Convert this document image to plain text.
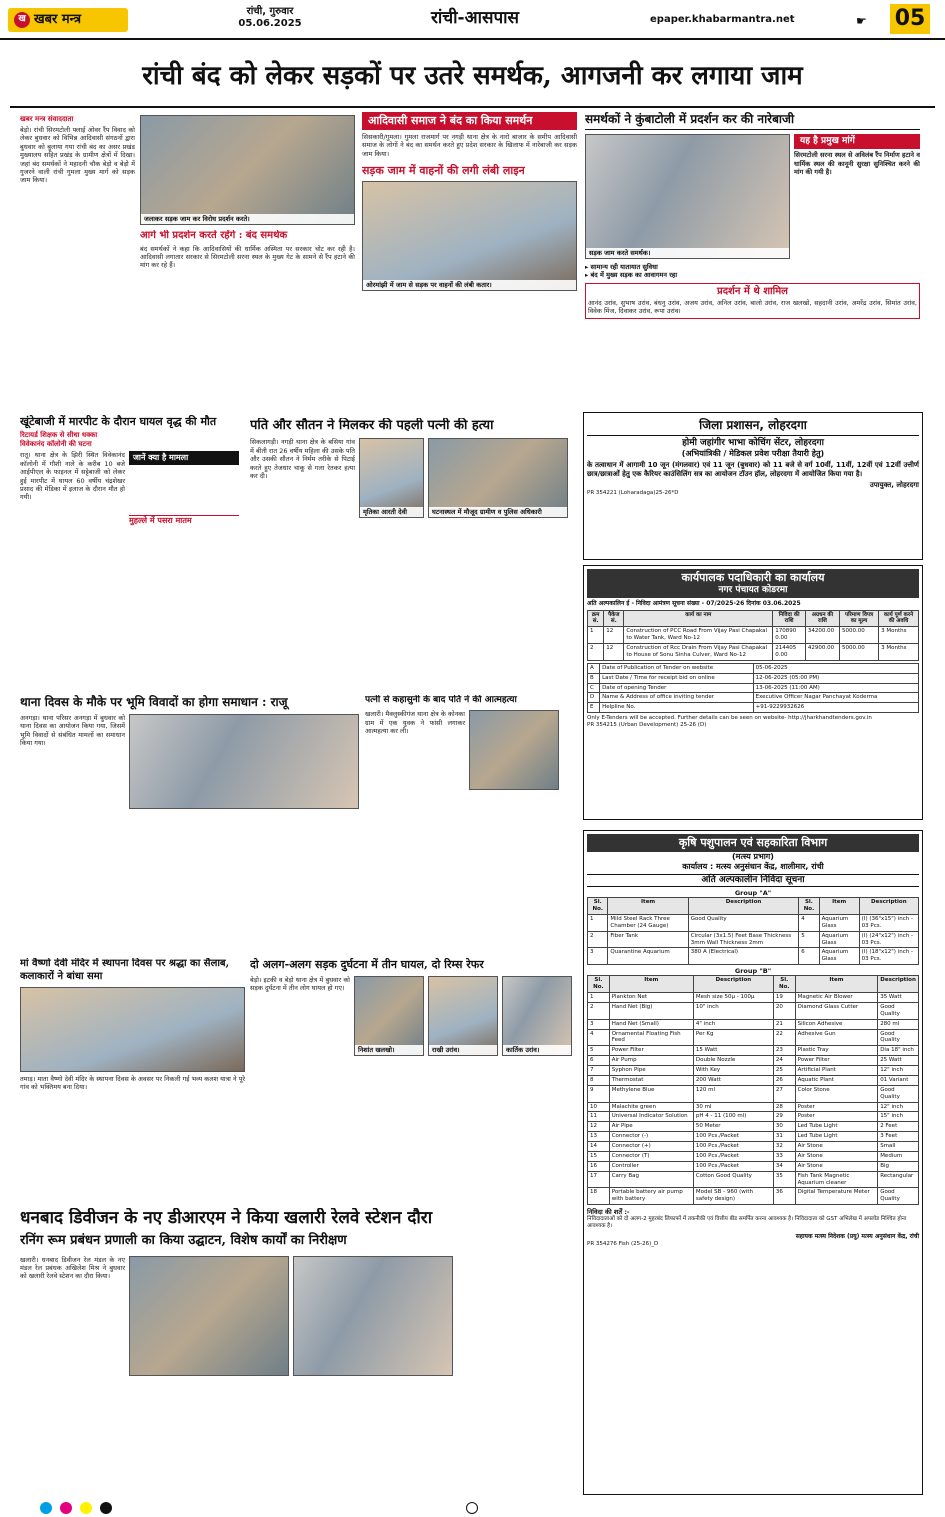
ख खबर मन्त्र
रांची, गुरुवार
05.06.2025	रांची-आसपास	epaper.khabarmantra.net	☛ 05
रांची बंद को लेकर सड़कों पर उतरे समर्थक, आगजनी कर लगाया जाम
खबर मन्त्र संवाददाता
बेड़ो। रांची सिरमटोली फ्लाई ओवर रैंप विवाद को लेकर बुधवार को विभिन्न आदिवासी संगठनों द्वारा बुधवार को बुलाया गया रांची बंद का असर प्रखंड मुख्यालय सहित प्रखंड के ग्रामीण क्षेत्रों में दिखा। जहां बंद समर्थकों ने महादनी चौक बेड़ो व बेड़ो में गुजरने वाली रांची गुमला मुख्य मार्ग को सड़क जाम किया।
जलाकर सड़क जाम कर विरोध प्रदर्शन करते।
आगे भी प्रदर्शन करते रहेंगे : बंद समर्थक
बंद समर्थकों ने कहा कि आदिवासियों की धार्मिक अस्मिता पर सरकार चोट कर रही है। आदिवासी लगातार सरकार से सिरमटोली सरना स्थल के मुख्य गेट के सामने से रैंप हटाने की मांग कर रहे हैं।
आदिवासी समाज ने बंद का किया समर्थन
सिसकारी/गुमला। गुमला राजमार्ग पर नगड़ी थाना क्षेत्र के नारो बाजार के समीप आदिवासी समाज के लोगों ने बंद का समर्थन करते हुए प्रदेश सरकार के खिलाफ में नारेबाजी कर सड़क जाम किया।
सड़क जाम में वाहनों की लगी लंबी लाइन
ओरमांझी में जाम से सड़क पर वाहनों की लंबी कतार।
समर्थकों ने कुंबाटोली में प्रदर्शन कर की नारेबाजी
सड़क जाम करते समर्थक।
यह है प्रमुख मांगें
सिरमटोली सरना स्थल से अविलंब रैंप निर्माण हटाने व धार्मिक स्थल की कानूनी सुरक्षा सुनिश्चित करने की मांग की गयी है।
▸ सामान्य रही यातायात सुविधा
▸ बंद में मुख्य सड़क का आवागमन रहा
प्रदर्शन में थे शामिल
आनंद उरांव, सुभाष उरांव, बंधनु उरांव, अजय उरांव, अनिल उरांव, बालो उरांव, राज खलखो, सहदानी उरांव, अमरेंद्र उरांव, सिमांत उरांव, विवेक मिंज, दिवाकर उरांव, रूपा उरांव।
खूंटेबाजी में मारपीट के दौरान घायल वृद्ध की मौत
रिटायर्ड शिक्षक से सीधा धक्का
विवेकानंद कॉलोनी की घटना
रातू। थाना क्षेत्र के झिरी स्थित विवेकानंद कॉलोनी में गौशी नाले के करीब 10 बजे आईपीएल के फाइनल में सट्टेबाजी को लेकर हुई मारपीट में घायल 60 वर्षीय चंद्रशेखर प्रसाद की मेडिका में इलाज के दौरान मौत हो गयी।
जानें क्या है मामला
मुहल्ले में पसरा मातम
पति और सौतन ने मिलकर की पहली पत्नी की हत्या
सिकलागड़ी। नगड़ी थाना क्षेत्र के बसिया गांव में बीती रात 26 वर्षीय महिला की उसके पति और उसकी सौतन ने निर्मम तरीके से पिटाई करते हुए तेजधार चाकू से गला रेतकर हत्या कर दी।
मृतिका आरती देवी	घटनास्थल में मौजूद ग्रामीण व पुलिस अधिकारी
जिला प्रशासन, लोहरदगा
होमी जहांगीर भाभा कोचिंग सेंटर, लोहरदगा
(अभियांत्रिकी / मेडिकल प्रवेश परीक्षा तैयारी हेतु)
के तत्वाधान में आगामी 10 जून (मंगलवार) एवं 11 जून (बुधवार) को 11 बजे से वर्ग 10वीं, 11वीं, 12वीं एवं 12वीं उत्तीर्ण छात्र/छात्राओं हेतु एक कैरियर काउंसिलिंग सत्र का आयोजन टॉउन हॉल, लोहरदगा में आयोजित किया गया है।
उपायुक्त, लोहरदगा
PR 354221 (Loharadaga)25-26*D
कार्यपालक पदाधिकारी का कार्यालय
नगर पंचायत कोडरमा
अति अल्पकालिन ई - निविदा आमंत्रण सूचना संख्या - 07/2025-26 दिनांक 03.06.2025
क्रम सं.	पैकेज सं.	कार्य का नाम	निविदा की राशि	अग्रधन की राशि	परिमाण विपत्र का मूल्य	कार्य पूर्ण करने की अवधि
1	12	Construction of PCC Road From Vijay Pasi Chapakal to Water Tank, Ward No-12	170890 0.00	34200.00	5000.00	3 Months
2	12	Construction of Rcc Drain From Vijay Pasi Chapakal to House of Sonu Sinha Culver, Ward No-12	214405 0.00	42900.00	5000.00	3 Months
A	Date of Publication of Tender on website	05-06-2025
B	Last Date / Time for receipt bid on online	12-06-2025 (05:00 PM)
C	Date of opening Tender	13-06-2025 (11:00 AM)
D	Name & Address of office inviting tender	Executive Officer Nagar Panchayat Koderma
E	Helpline No.	+91-9229932626
Only E-Tenders will be accepted. Further details can be seen on website- http://jharkhandtenders.gov.in
PR 354215 (Urban Development) 25-26 (D)
थाना दिवस के मौके पर भूमि विवादों का होगा समाधान : राजू
अनगड़ा। थाना परिसर अनगड़ा में बुधवार को थाना दिवस का आयोजन किया गया, जिसमें भूमि विवादों से संबंधित मामलों का समाधान किया गया।
पत्नी से कहासुनी के बाद पति ने की आत्महत्या
खलारी। मैक्लुस्कीगंज थाना क्षेत्र के कोनका ग्राम में एक युवक ने फांसी लगाकर आत्महत्या कर ली।
कृषि पशुपालन एवं सहकारिता विभाग
(मत्स्य प्रभाग)
कार्यालय : मत्स्य अनुसंधान केंद्र, शालीमार, रांची
अति अल्पकालीन निविदा सूचना
Group "A"
Sl. No.	Item	Description	Sl. No.	Item	Description
1	Mild Steel Rack Three Chamber (24 Gauge)	Good Quality	4	Aquarium Glass	(I) (36"x15") inch - 03 Pcs.
2	Fiber Tank	Circular (3x1.5) Feet Base Thickness 3mm Wall Thickness 2mm	5	Aquarium Glass	(I) (24"x12") inch - 03 Pcs.
3	Quarantine Aquarium	380 A (Electrical)	6	Aquarium Glass	(I) (18"x12") inch - 03 Pcs.
Group "B"
Sl. No.	Item	Description	Sl. No.	Item	Description
1	Plankton Net	Mesh size 50µ - 100µ	19	Magnetic Air Blower	35 Watt
2	Hand Net (Big)	10" inch	20	Diamond Glass Cutter	Good Quality
3	Hand Net (Small)	4" inch	21	Silicon Adhesive	280 ml
4	Ornamental Floating Fish Feed	Per Kg	22	Adhesive Gun	Good Quality
5	Power Filter	15 Watt	23	Plastic Tray	Dia 18" inch
6	Air Pump	Double Nozzle	24	Power Filter	25 Watt
7	Syphon Pipe	With Key	25	Artificial Plant	12" inch
8	Thermostat	200 Watt	26	Aquatic Plant	01 Variant
9	Methylene Blue	120 ml	27	Color Stone	Good Quality
10	Malachite green	30 ml	28	Poster	12" inch
11	Universal Indicator Solution	pH 4 - 11 (100 ml)	29	Poster	15" inch
12	Air Pipe	50 Meter	30	Led Tube Light	2 Feet
13	Connector (-)	100 Pcs./Packet	31	Led Tube Light	3 Feet
14	Connector (+)	100 Pcs./Packet	32	Air Stone	Small
15	Connector (T)	100 Pcs./Packet	33	Air Stone	Medium
16	Controller	100 Pcs./Packet	34	Air Stone	Big
17	Carry Bag	Cotton Good Quality	35	Fish Tank Magnetic Aquarium cleaner	Rectangular
18	Portable battery air pump with battery	Model SB - 960 (with safety design)	36	Digital Temperature Meter	Good Quality
निविदा की शर्तें :-
निविदादाताओं को दो अलग-2 मुहरबंद लिफाफों में तकनीकी एवं वित्तीय बीड समर्पित करना आवश्यक है। निविदादाता को GST अभिलेख में अपलोड निश्चित होना आवश्यक है।
सहायक मत्स्य निदेशक (प्रयु) मत्स्य अनुसंधान केंद्र, रांची
PR 354276 Fish (25-26)_D
मां वैष्णो देवी मंदिर में स्थापना दिवस पर श्रद्धा का सैलाब, कलाकारों ने बांधा समा
तमाड़। माता वैष्णो देवी मंदिर के स्थापना दिवस के अवसर पर निकली गई भव्य कलश यात्रा ने पूरे गांव को भक्तिमय बना दिया।
दो अलग-अलग सड़क दुर्घटना में तीन घायल, दो रिम्स रेफर
बेड़ो। इटकी व बेड़ो थाना क्षेत्र में बुधवार को सड़क दुर्घटना में तीन लोग घायल हो गए।
निशांत खलखो।	राखी उरांव।	कार्तिक उरांव।
धनबाद डिवीजन के नए डीआरएम ने किया खलारी रेलवे स्टेशन दौरा
रनिंग रूम प्रबंधन प्रणाली का किया उद्घाटन, विशेष कार्यों का निरीक्षण
खलारी। धनबाद डिवीजन रेल मंडल के नए मंडल रेल प्रबंधक अखिलेश मिश्र ने बुधवार को खलारी रेलवे स्टेशन का दौरा किया।
